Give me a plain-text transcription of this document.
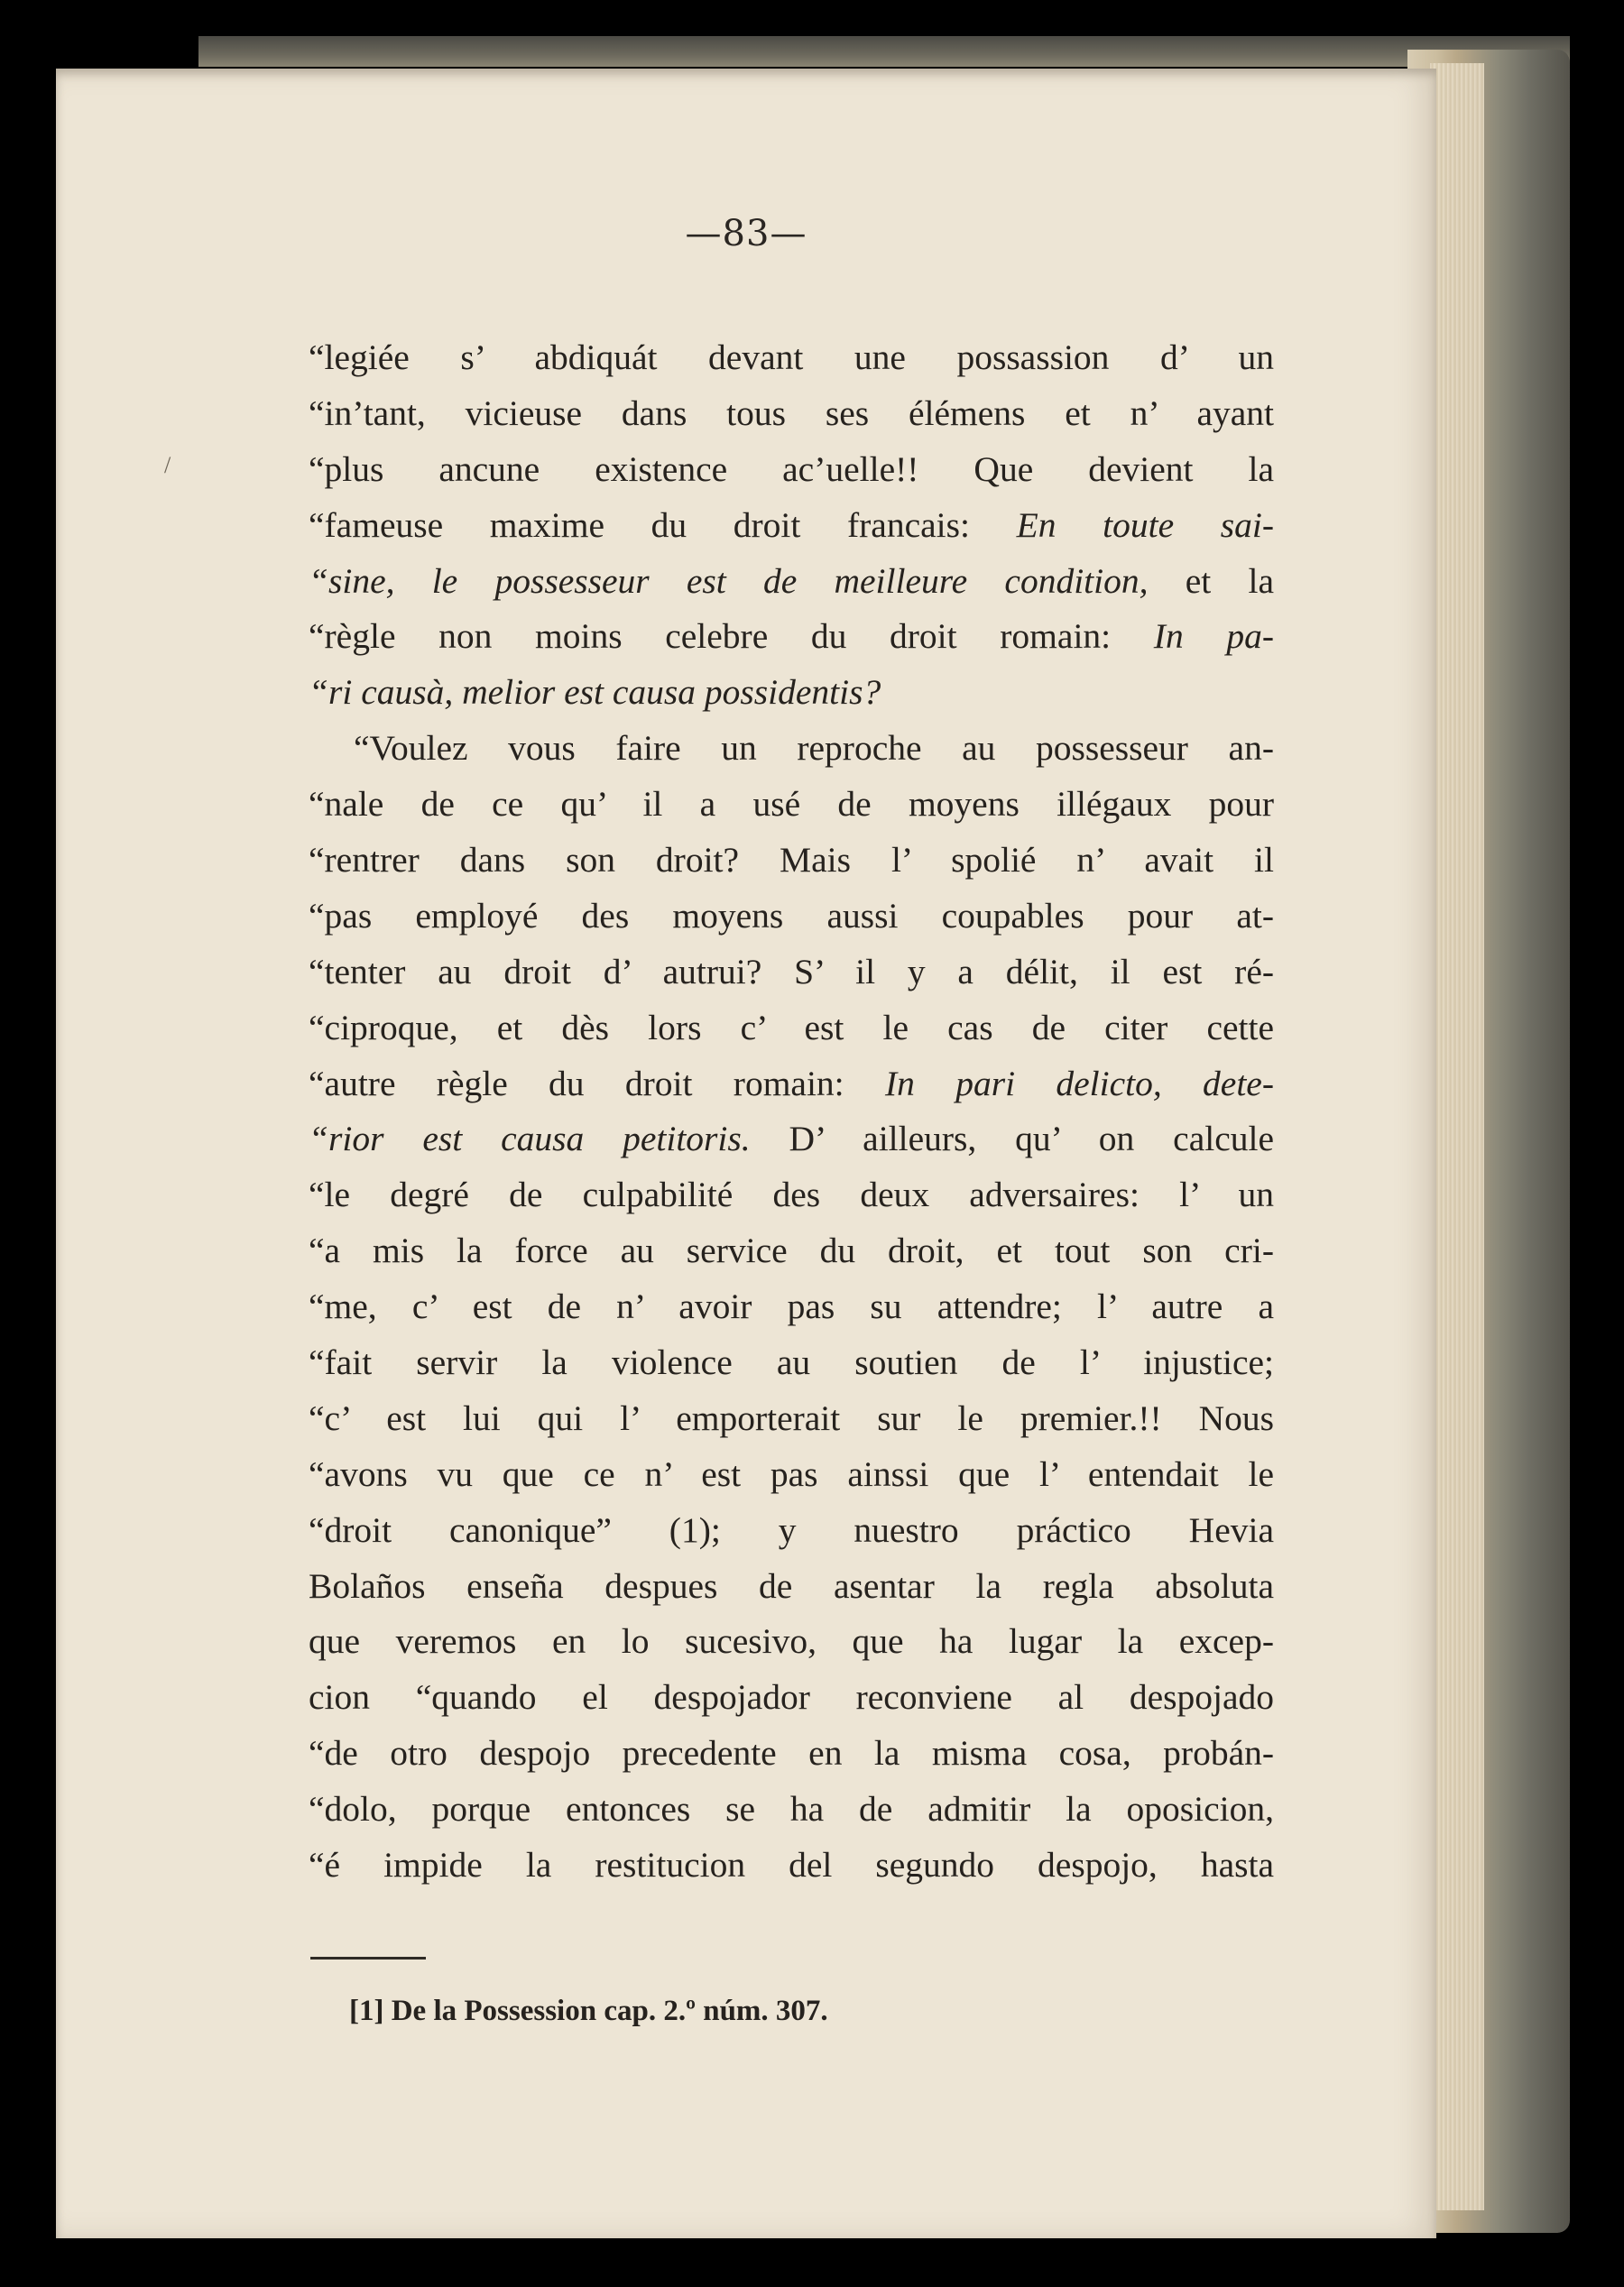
—83—
/
“legiée s’ abdiquát devant une possassion d’ un
“in’tant, vicieuse dans tous ses élémens et n’ ayant
“plus ancune existence ac’uelle!! Que devient la
“fameuse maxime du droit francais: En toute sai-
“sine, le possesseur est de meilleure condition, et la
“règle non moins celebre du droit romain: In pa-
“ri causà, melior est causa possidentis?
“Voulez vous faire un reproche au possesseur an-
“nale de ce qu’ il a usé de moyens illégaux pour
“rentrer dans son droit? Mais l’ spolié n’ avait il
“pas employé des moyens aussi coupables pour at-
“tenter au droit d’ autrui? S’ il y a délit, il est ré-
“ciproque, et dès lors c’ est le cas de citer cette
“autre règle du droit romain: In pari delicto, dete-
“rior est causa petitoris. D’ ailleurs, qu’ on calcule
“le degré de culpabilité des deux adversaires: l’ un
“a mis la force au service du droit, et tout son cri-
“me, c’ est de n’ avoir pas su attendre; l’ autre a
“fait servir la violence au soutien de l’ injustice;
“c’ est lui qui l’ emporterait sur le premier.!! Nous
“avons vu que ce n’ est pas ainssi que l’ entendait le
“droit canonique” (1); y nuestro práctico Hevia
Bolaños enseña despues de asentar la regla absoluta
que veremos en lo sucesivo, que ha lugar la excep-
cion “quando el despojador reconviene al despojado
“de otro despojo precedente en la misma cosa, probán-
“dolo, porque entonces se ha de admitir la oposicion,
“é impide la restitucion del segundo despojo, hasta
[1] De la Possession cap. 2.º núm. 307.
